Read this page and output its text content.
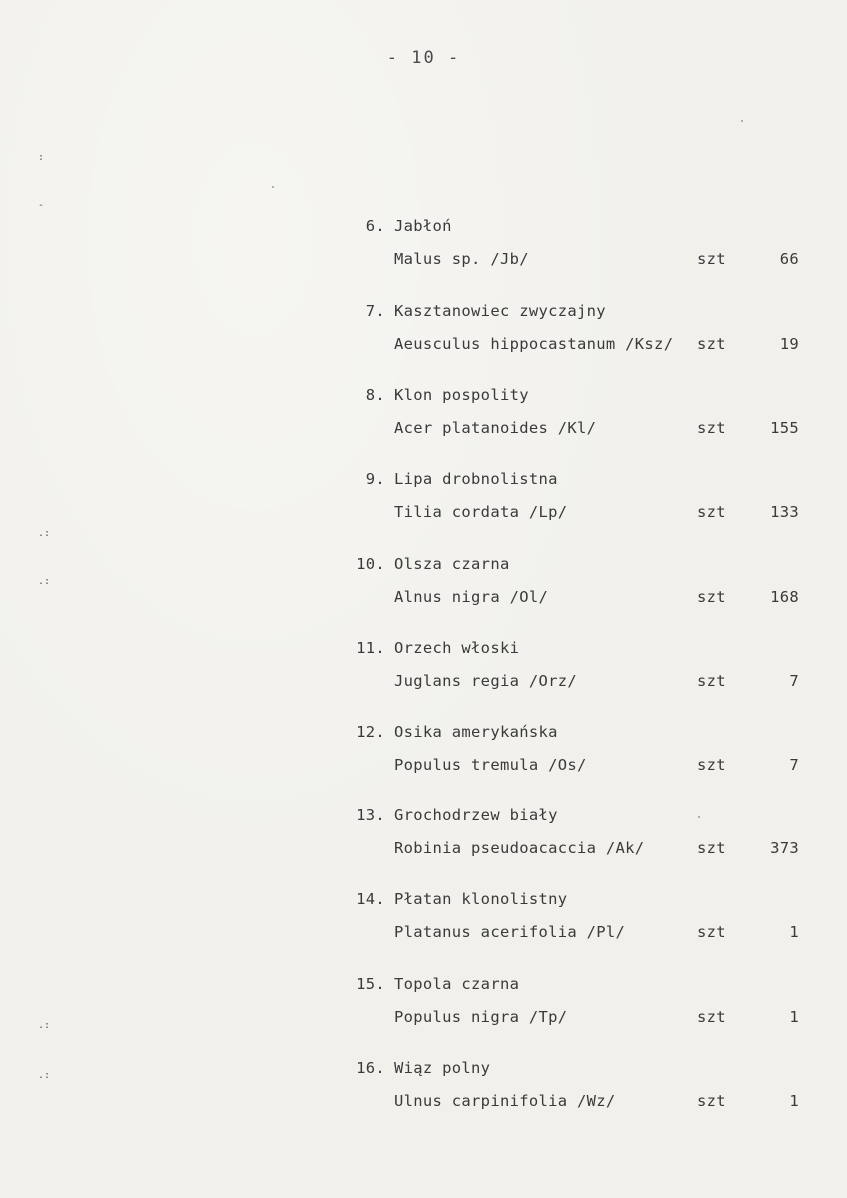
- 10 -
:
-
.:
.:
.:
.:
6. Jabłoń
Malus sp. /Jb/	szt	66
7. Kasztanowiec zwyczajny
Aeusculus hippocastanum /Ksz/ szt	19
8. Klon pospolity
Acer platanoides /Kl/	szt	155
9. Lipa drobnolistna
Tilia cordata /Lp/	szt	133
10. Olsza czarna
Alnus nigra /Ol/	szt	168
11. Orzech włoski
Juglans regia /Orz/	szt	7
12. Osika amerykańska
Populus tremula /Os/	szt	7
13. Grochodrzew biały
Robinia pseudoacaccia /Ak/	szt	373
14. Płatan klonolistny
Platanus acerifolia /Pl/	szt	1
15. Topola czarna
Populus nigra /Tp/	szt	1
16. Wiąz polny
Ulnus carpinifolia /Wz/	szt	1
